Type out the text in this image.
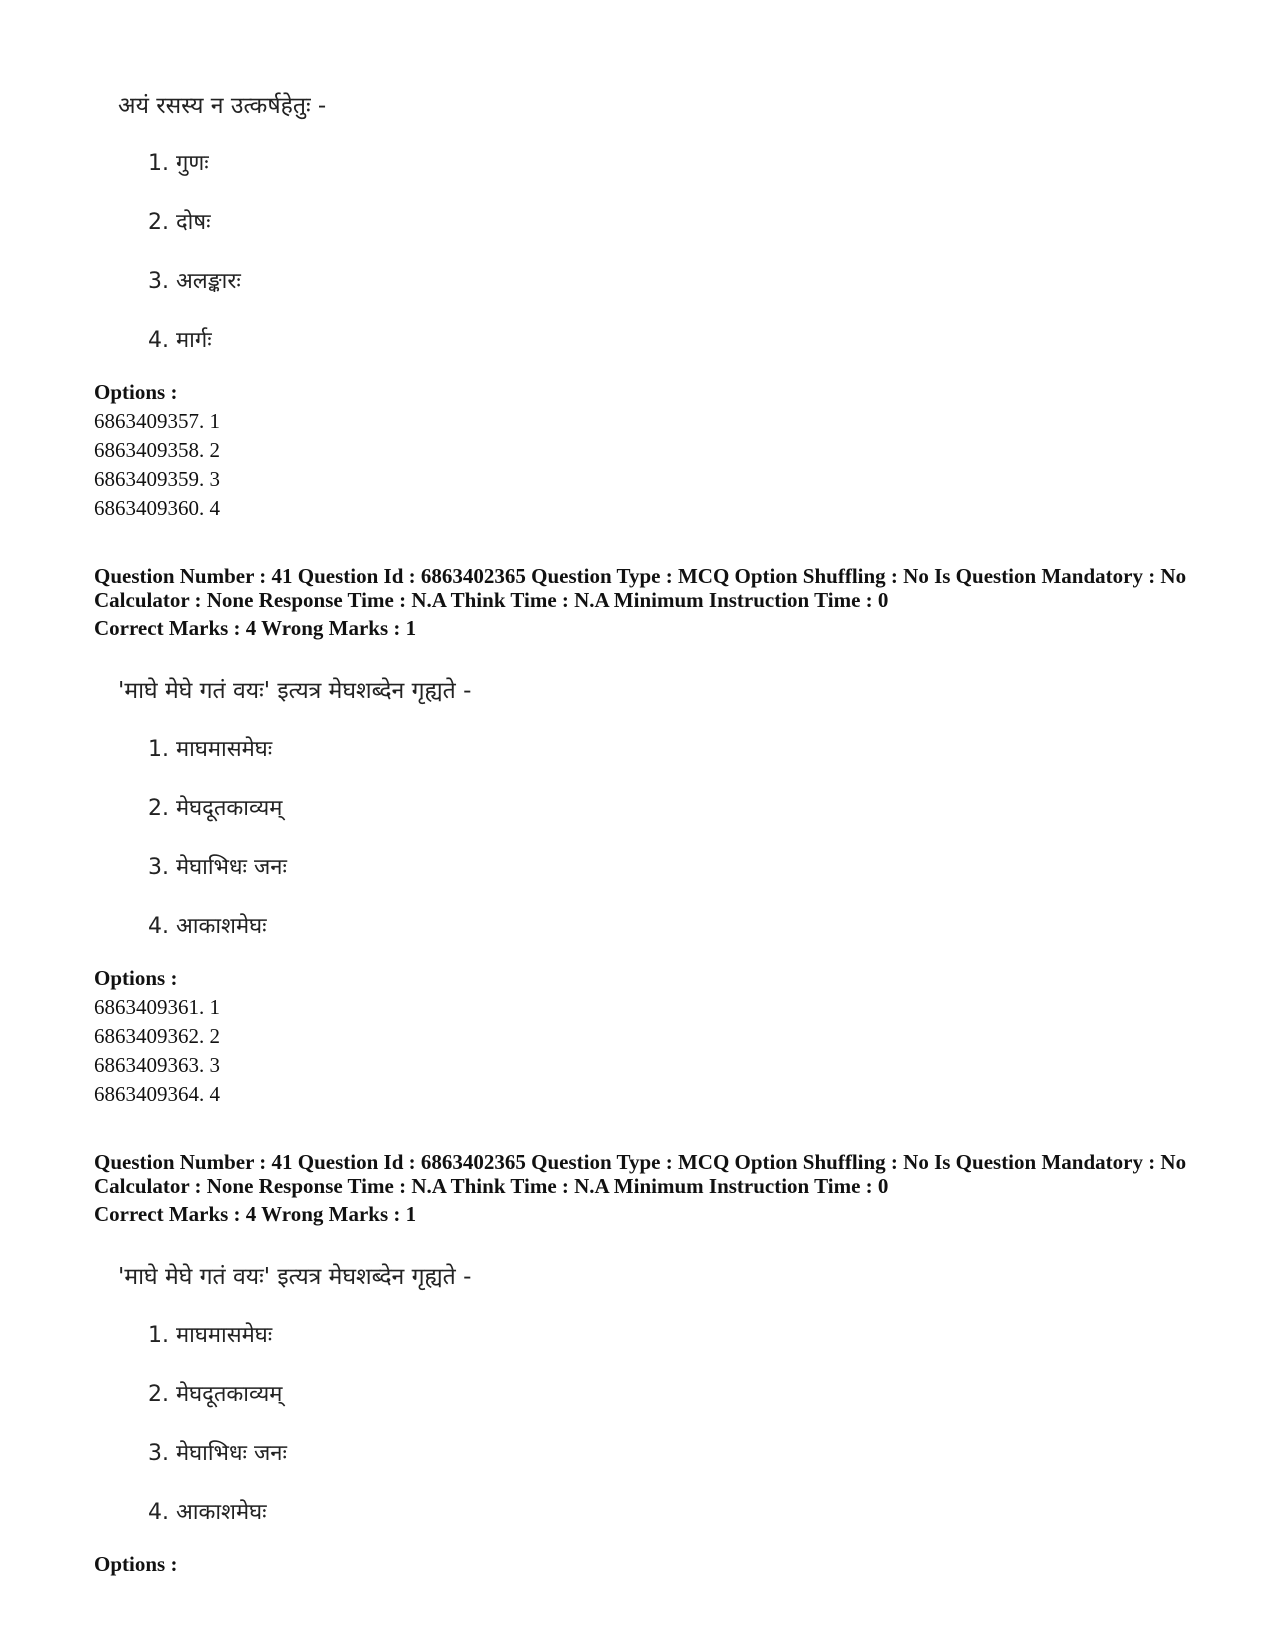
अयं रसस्य न उत्कर्षहेतुः -
1. गुणः
2. दोषः
3. अलङ्कारः
4. मार्गः
Options :
6863409357. 1
6863409358. 2
6863409359. 3
6863409360. 4
Question Number : 41 Question Id : 6863402365 Question Type : MCQ Option Shuffling : No Is Question Mandatory : No Calculator : None Response Time : N.A Think Time : N.A Minimum Instruction Time : 0
Correct Marks : 4 Wrong Marks : 1
'माघे मेघे गतं वयः' इत्यत्र मेघशब्देन गृह्यते -
1. माघमासमेघः
2. मेघदूतकाव्यम्
3. मेघाभिधः जनः
4. आकाशमेघः
Options :
6863409361. 1
6863409362. 2
6863409363. 3
6863409364. 4
Question Number : 41 Question Id : 6863402365 Question Type : MCQ Option Shuffling : No Is Question Mandatory : No Calculator : None Response Time : N.A Think Time : N.A Minimum Instruction Time : 0
Correct Marks : 4 Wrong Marks : 1
'माघे मेघे गतं वयः' इत्यत्र मेघशब्देन गृह्यते -
1. माघमासमेघः
2. मेघदूतकाव्यम्
3. मेघाभिधः जनः
4. आकाशमेघः
Options :
